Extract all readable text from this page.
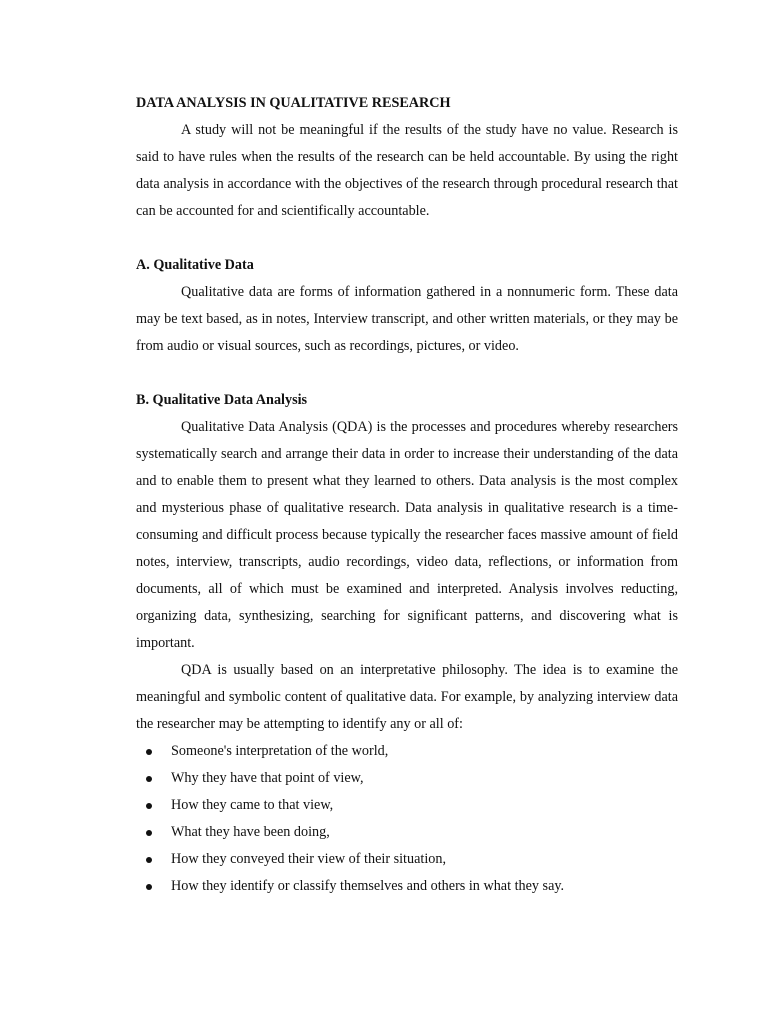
DATA ANALYSIS IN QUALITATIVE RESEARCH

A study will not be meaningful if the results of the study have no value. Research is said to have rules when the results of the research can be held accountable. By using the right data analysis in accordance with the objectives of the research through procedural research that can be accounted for and scientifically accountable.

A. Qualitative Data

Qualitative data are forms of information gathered in a nonnumeric form. These data may be text based, as in notes, Interview transcript, and other written materials, or they may be from audio or visual sources, such as recordings, pictures, or video.

B. Qualitative Data Analysis

Qualitative Data Analysis (QDA) is the processes and procedures whereby researchers systematically search and arrange their data in order to increase their understanding of the data and to enable them to present what they learned to others. Data analysis is the most complex and mysterious phase of qualitative research. Data analysis in qualitative research is a time-consuming and difficult process because typically the researcher faces massive amount of field notes, interview, transcripts, audio recordings, video data, reflections, or information from documents, all of which must be examined and interpreted. Analysis involves reducting, organizing data, synthesizing, searching for significant patterns, and discovering what is important.

QDA is usually based on an interpretative philosophy. The idea is to examine the meaningful and symbolic content of qualitative data. For example, by analyzing interview data the researcher may be attempting to identify any or all of:

Someone's interpretation of the world,
Why they have that point of view,
How they came to that view,
What they have been doing,
How they conveyed their view of their situation,
How they identify or classify themselves and others in what they say.
